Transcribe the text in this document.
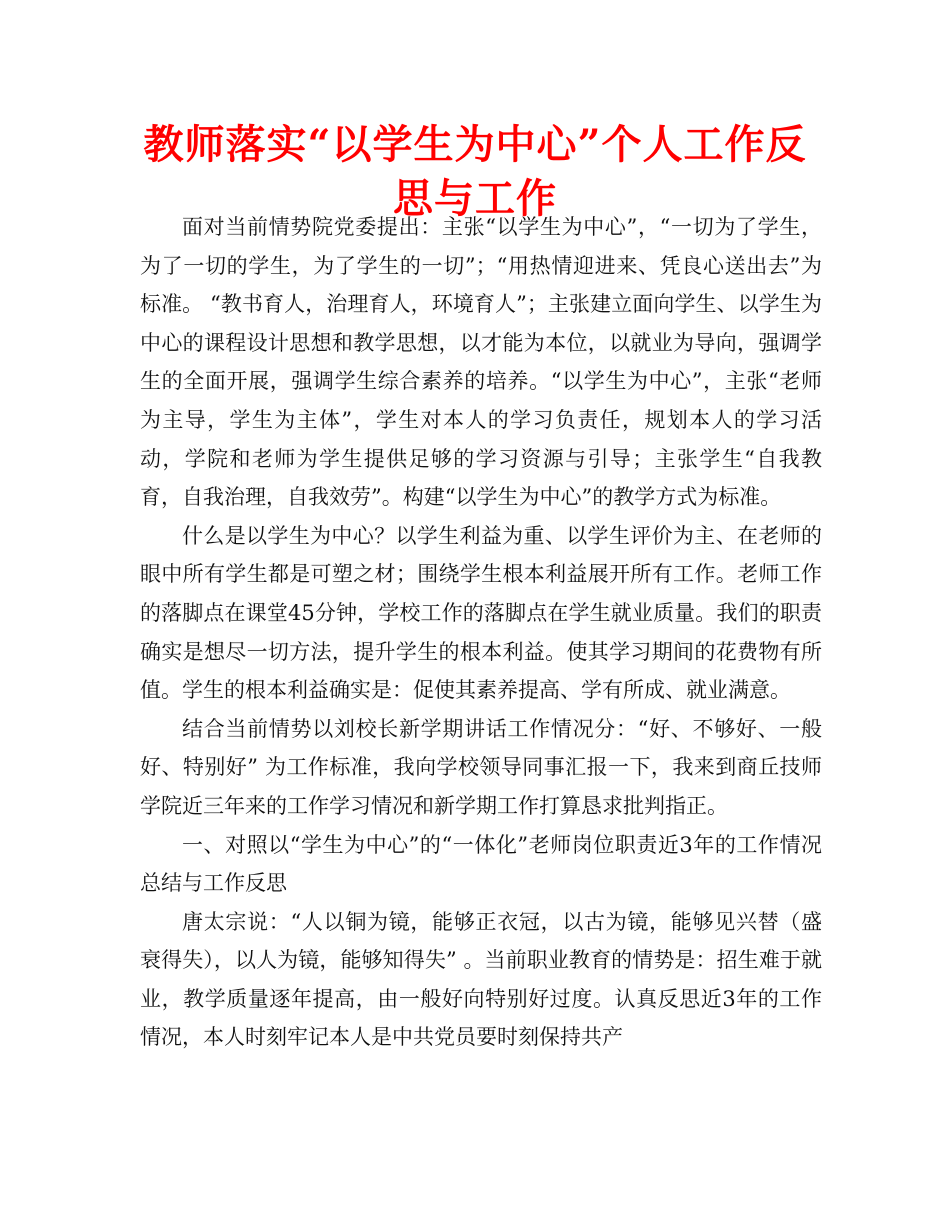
教师落实“以学生为中心”个人工作反思与工作

面对当前情势院党委提出：主张“以学生为中心”，“一切为了学生，为了一切的学生，为了学生的一切”；“用热情迎进来、凭良心送出去”为标准。 “教书育人，治理育人，环境育人”；主张建立面向学生、以学生为中心的课程设计思想和教学思想，以才能为本位，以就业为导向，强调学生的全面开展，强调学生综合素养的培养。“以学生为中心”，主张“老师为主导，学生为主体”，学生对本人的学习负责任，规划本人的学习活动，学院和老师为学生提供足够的学习资源与引导；主张学生“自我教育，自我治理，自我效劳”。构建“以学生为中心”的教学方式为标准。

什么是以学生为中心？以学生利益为重、以学生评价为主、在老师的眼中所有学生都是可塑之材；围绕学生根本利益展开所有工作。老师工作的落脚点在课堂45分钟，学校工作的落脚点在学生就业质量。我们的职责确实是想尽一切方法，提升学生的根本利益。使其学习期间的花费物有所值。学生的根本利益确实是：促使其素养提高、学有所成、就业满意。

结合当前情势以刘校长新学期讲话工作情况分：“好、不够好、一般好、特别好” 为工作标准，我向学校领导同事汇报一下，我来到商丘技师学院近三年来的工作学习情况和新学期工作打算恳求批判指正。

一、对照以“学生为中心”的“一体化”老师岗位职责近3年的工作情况总结与工作反思

唐太宗说：“人以铜为镜，能够正衣冠，以古为镜，能够见兴替（盛衰得失），以人为镜，能够知得失” 。当前职业教育的情势是：招生难于就业，教学质量逐年提高，由一般好向特别好过度。认真反思近3年的工作情况，本人时刻牢记本人是中共党员要时刻保持共产
